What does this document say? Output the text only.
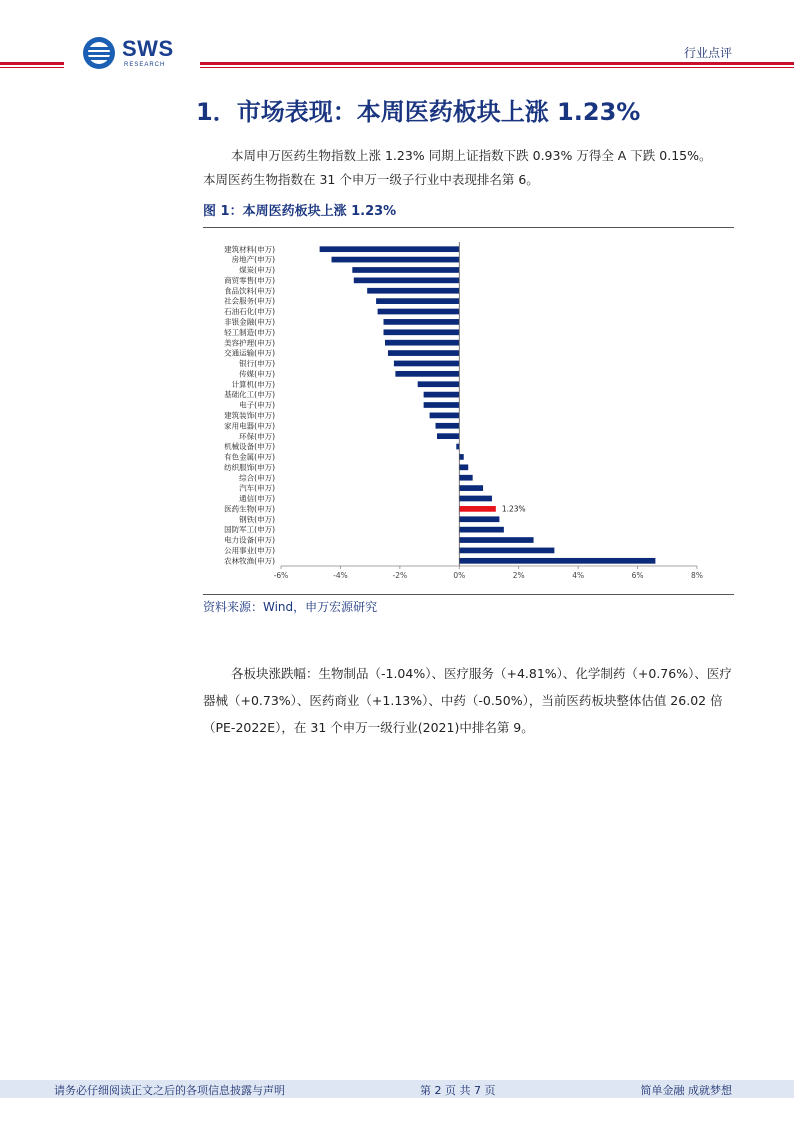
SWS
RESEARCH
行业点评
1．市场表现：本周医药板块上涨 1.23%
本周申万医药生物指数上涨 1.23% 同期上证指数下跌 0.93% 万得全 A 下跌 0.15%。
本周医药生物指数在 31 个申万一级子行业中表现排名第 6。
图 1：本周医药板块上涨 1.23%
-6%	-4%	-2%	0%	2%	4%	6%	8%
建筑材料(申万)
房地产(申万)
煤炭(申万)
商贸零售(申万)
食品饮料(申万)
社会服务(申万)
石油石化(申万)
非银金融(申万)
轻工制造(申万)
美容护理(申万)
交通运输(申万)
银行(申万)
传媒(申万)
计算机(申万)
基础化工(申万)
电子(申万)
建筑装饰(申万)
家用电器(申万)
环保(申万)
机械设备(申万)
有色金属(申万)
纺织服饰(申万)
综合(申万)
汽车(申万)
通信(申万)
医药生物(申万)	1.23%
钢铁(申万)
国防军工(申万)
电力设备(申万)
公用事业(申万)
农林牧渔(申万)
资料来源：Wind，申万宏源研究
各板块涨跌幅：生物制品（-1.04%）、医疗服务（+4.81%）、化学制药（+0.76%）、医疗器械（+0.73%）、医药商业（+1.13%）、中药（-0.50%），当前医药板块整体估值 26.02 倍（PE-2022E），在 31 个申万一级行业(2021)中排名第 9。
请务必仔细阅读正文之后的各项信息披露与声明	第 2 页 共 7 页	简单金融 成就梦想
